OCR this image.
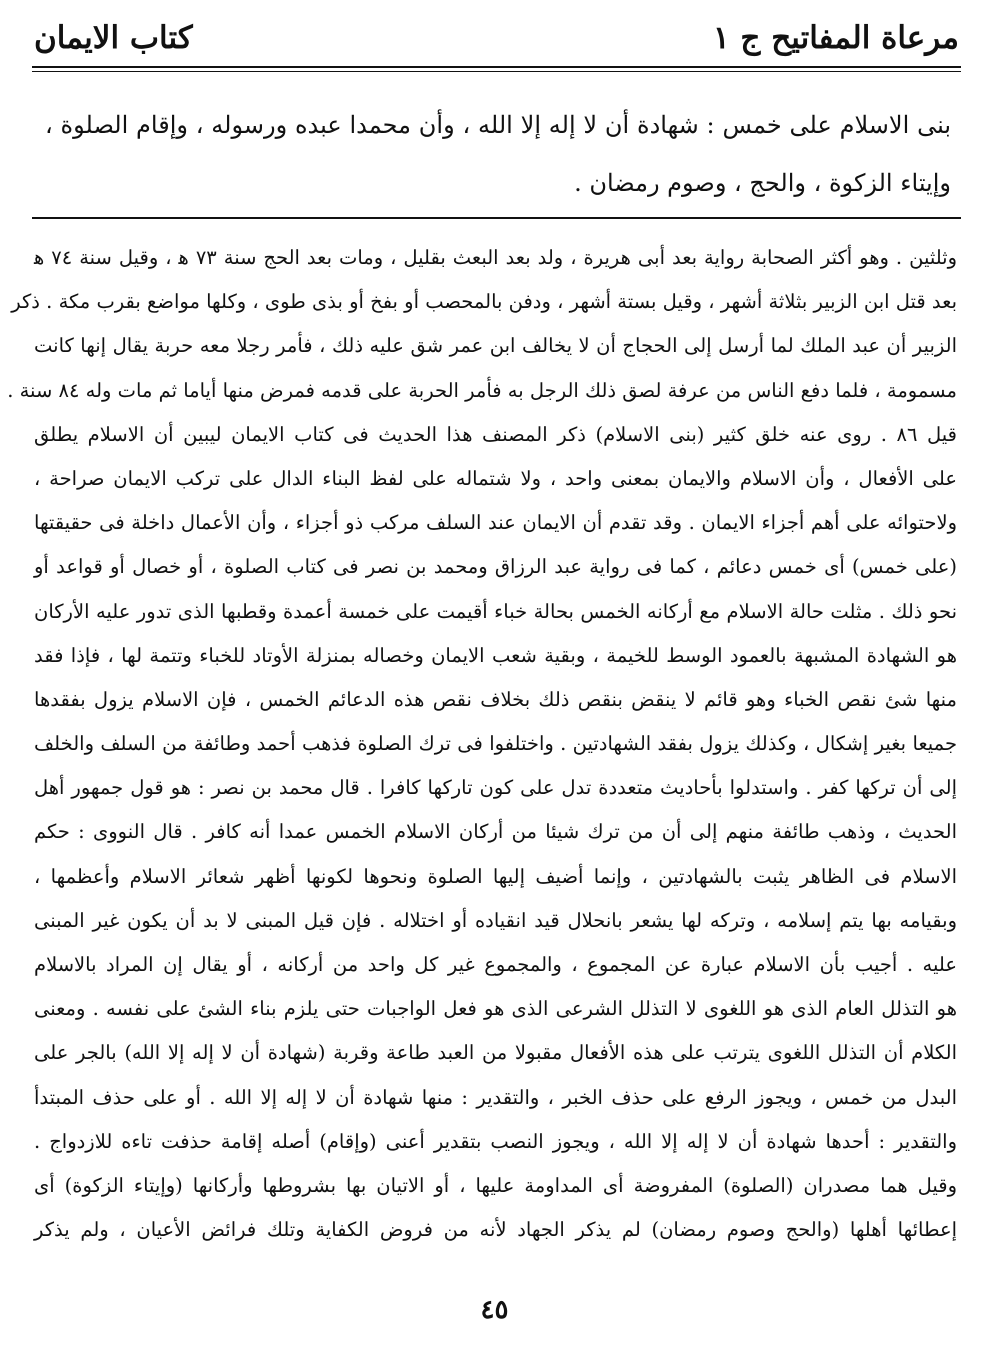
مرعاة المفاتيح ج ١
كتاب الايمان
بنى الاسلام على خمس : شهادة أن لا إله إلا الله ، وأن محمدا عبده ورسوله ، وإقام الصلوة ، وإيتاء الزكوة ، والحج ، وصوم رمضان .

وثلثين . وهو أكثر الصحابة رواية بعد أبى هريرة ، ولد بعد البعث بقليل ، ومات بعد الحج سنة ٧٣ ﻫ ، وقيل سنة ٧٤ ﻫ

بعد قتل ابن الزبير بثلاثة أشهر ، وقيل بستة أشهر ، ودفن بالمحصب أو بفخ أو بذى طوى ، وكلها مواضع بقرب مكة . ذكر

الزبير أن عبد الملك لما أرسل إلى الحجاج أن لا يخالف ابن عمر شق عليه ذلك ، فأمر رجلا معه حربة يقال إنها كانت

مسمومة ، فلما دفع الناس من عرفة لصق ذلك الرجل به فأمر الحربة على قدمه فمرض منها أياما ثم مات وله ٨٤ سنة .

قيل ٨٦ . روى عنه خلق كثير (بنى الاسلام) ذكر المصنف هذا الحديث فى كتاب الايمان ليبين أن الاسلام يطلق

على الأفعال ، وأن الاسلام والايمان بمعنى واحد ، ولا شتماله على لفظ البناء الدال على تركب الايمان صراحة ،

ولاحتوائه على أهم أجزاء الايمان . وقد تقدم أن الايمان عند السلف مركب ذو أجزاء ، وأن الأعمال داخلة فى حقيقتها

(على خمس) أى خمس دعائم ، كما فى رواية عبد الرزاق ومحمد بن نصر فى كتاب الصلوة ، أو خصال أو قواعد أو

نحو ذلك . مثلت حالة الاسلام مع أركانه الخمس بحالة خباء أقيمت على خمسة أعمدة وقطبها الذى تدور عليه الأركان

هو الشهادة المشبهة بالعمود الوسط للخيمة ، وبقية شعب الايمان وخصاله بمنزلة الأوتاد للخباء وتتمة لها ، فإذا فقد

منها شئ نقص الخباء وهو قائم لا ينقض بنقص ذلك بخلاف نقص هذه الدعائم الخمس ، فإن الاسلام يزول بفقدها

جميعا بغير إشكال ، وكذلك يزول بفقد الشهادتين . واختلفوا فى ترك الصلوة فذهب أحمد وطائفة من السلف والخلف

إلى أن تركها كفر . واستدلوا بأحاديث متعددة تدل على كون تاركها كافرا . قال محمد بن نصر : هو قول جمهور أهل

الحديث ، وذهب طائفة منهم إلى أن من ترك شيئا من أركان الاسلام الخمس عمدا أنه كافر . قال النووى : حكم

الاسلام فى الظاهر يثبت بالشهادتين ، وإنما أضيف إليها الصلوة ونحوها لكونها أظهر شعائر الاسلام وأعظمها ،

وبقيامه بها يتم إسلامه ، وتركه لها يشعر بانحلال قيد انقياده أو اختلاله . فإن قيل المبنى لا بد أن يكون غير المبنى

عليه . أجيب بأن الاسلام عبارة عن المجموع ، والمجموع غير كل واحد من أركانه ، أو يقال إن المراد بالاسلام

هو التذلل العام الذى هو اللغوى لا التذلل الشرعى الذى هو فعل الواجبات حتى يلزم بناء الشئ على نفسه . ومعنى

الكلام أن التذلل اللغوى يترتب على هذه الأفعال مقبولا من العبد طاعة وقربة (شهادة أن لا إله إلا الله) بالجر على

البدل من خمس ، ويجوز الرفع على حذف الخبر ، والتقدير : منها شهادة أن لا إله إلا الله . أو على حذف المبتدأ

والتقدير : أحدها شهادة أن لا إله إلا الله ، ويجوز النصب بتقدير أعنى (وإقام) أصله إقامة حذفت تاءه للازدواج .

وقيل هما مصدران (الصلوة) المفروضة أى المداومة عليها ، أو الاتيان بها بشروطها وأركانها (وإيتاء الزكوة) أى

إعطائها أهلها (والحج وصوم رمضان) لم يذكر الجهاد لأنه من فروض الكفاية وتلك فرائض الأعيان ، ولم يذكر

٤٥
